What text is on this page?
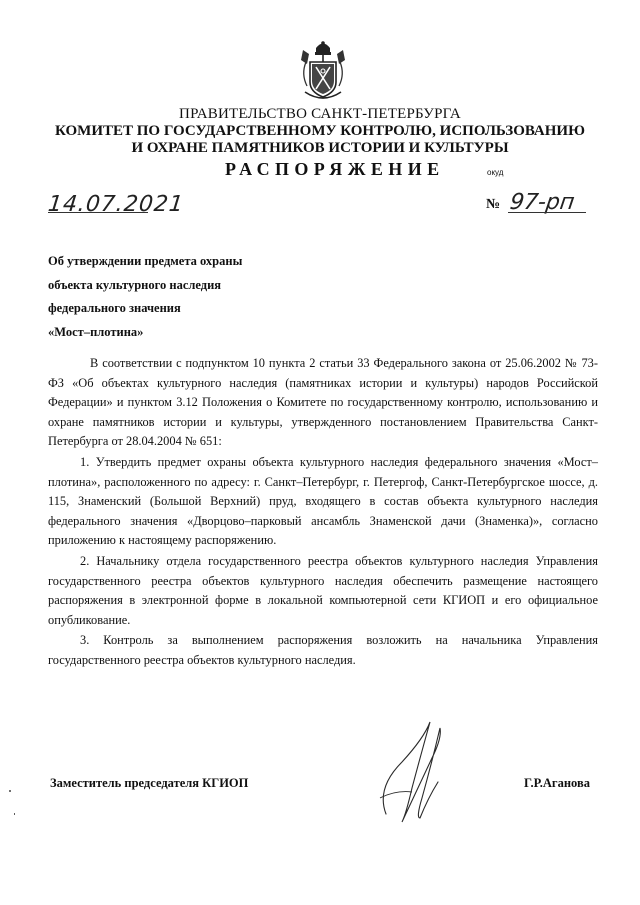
ПРАВИТЕЛЬСТВО САНКТ-ПЕТЕРБУРГА
КОМИТЕТ ПО ГОСУДАРСТВЕННОМУ КОНТРОЛЮ, ИСПОЛЬЗОВАНИЮ
И ОХРАНЕ ПАМЯТНИКОВ ИСТОРИИ И КУЛЬТУРЫ
РАСПОРЯЖЕНИЕ	окуд
14.07.2021	№ 97-рп
Об утверждении предмета охраны
объекта культурного наследия
федерального значения
«Мост–плотина»

В соответствии с подпунктом 10 пункта 2 статьи 33 Федерального закона от 25.06.2002 № 73-ФЗ «Об объектах культурного наследия (памятниках истории и культуры) народов Российской Федерации» и пунктом 3.12 Положения о Комитете по государственному контролю, использованию и охране памятников истории и культуры, утвержденного постановлением Правительства Санкт-Петербурга от 28.04.2004 № 651:

1. Утвердить предмет охраны объекта культурного наследия федерального значения «Мост–плотина», расположенного по адресу: г. Санкт–Петербург, г. Петергоф, Санкт-Петербургское шоссе, д. 115, Знаменский (Большой Верхний) пруд, входящего в состав объекта культурного наследия федерального значения «Дворцово–парковый ансамбль Знаменской дачи (Знаменка)», согласно приложению к настоящему распоряжению.

2. Начальнику отдела государственного реестра объектов культурного наследия Управления государственного реестра объектов культурного наследия обеспечить размещение настоящего распоряжения в электронной форме в локальной компьютерной сети КГИОП и его официальное опубликование.

3. Контроль за выполнением распоряжения возложить на начальника Управления государственного реестра объектов культурного наследия.

Заместитель председателя КГИОП	Г.Р.Аганова
